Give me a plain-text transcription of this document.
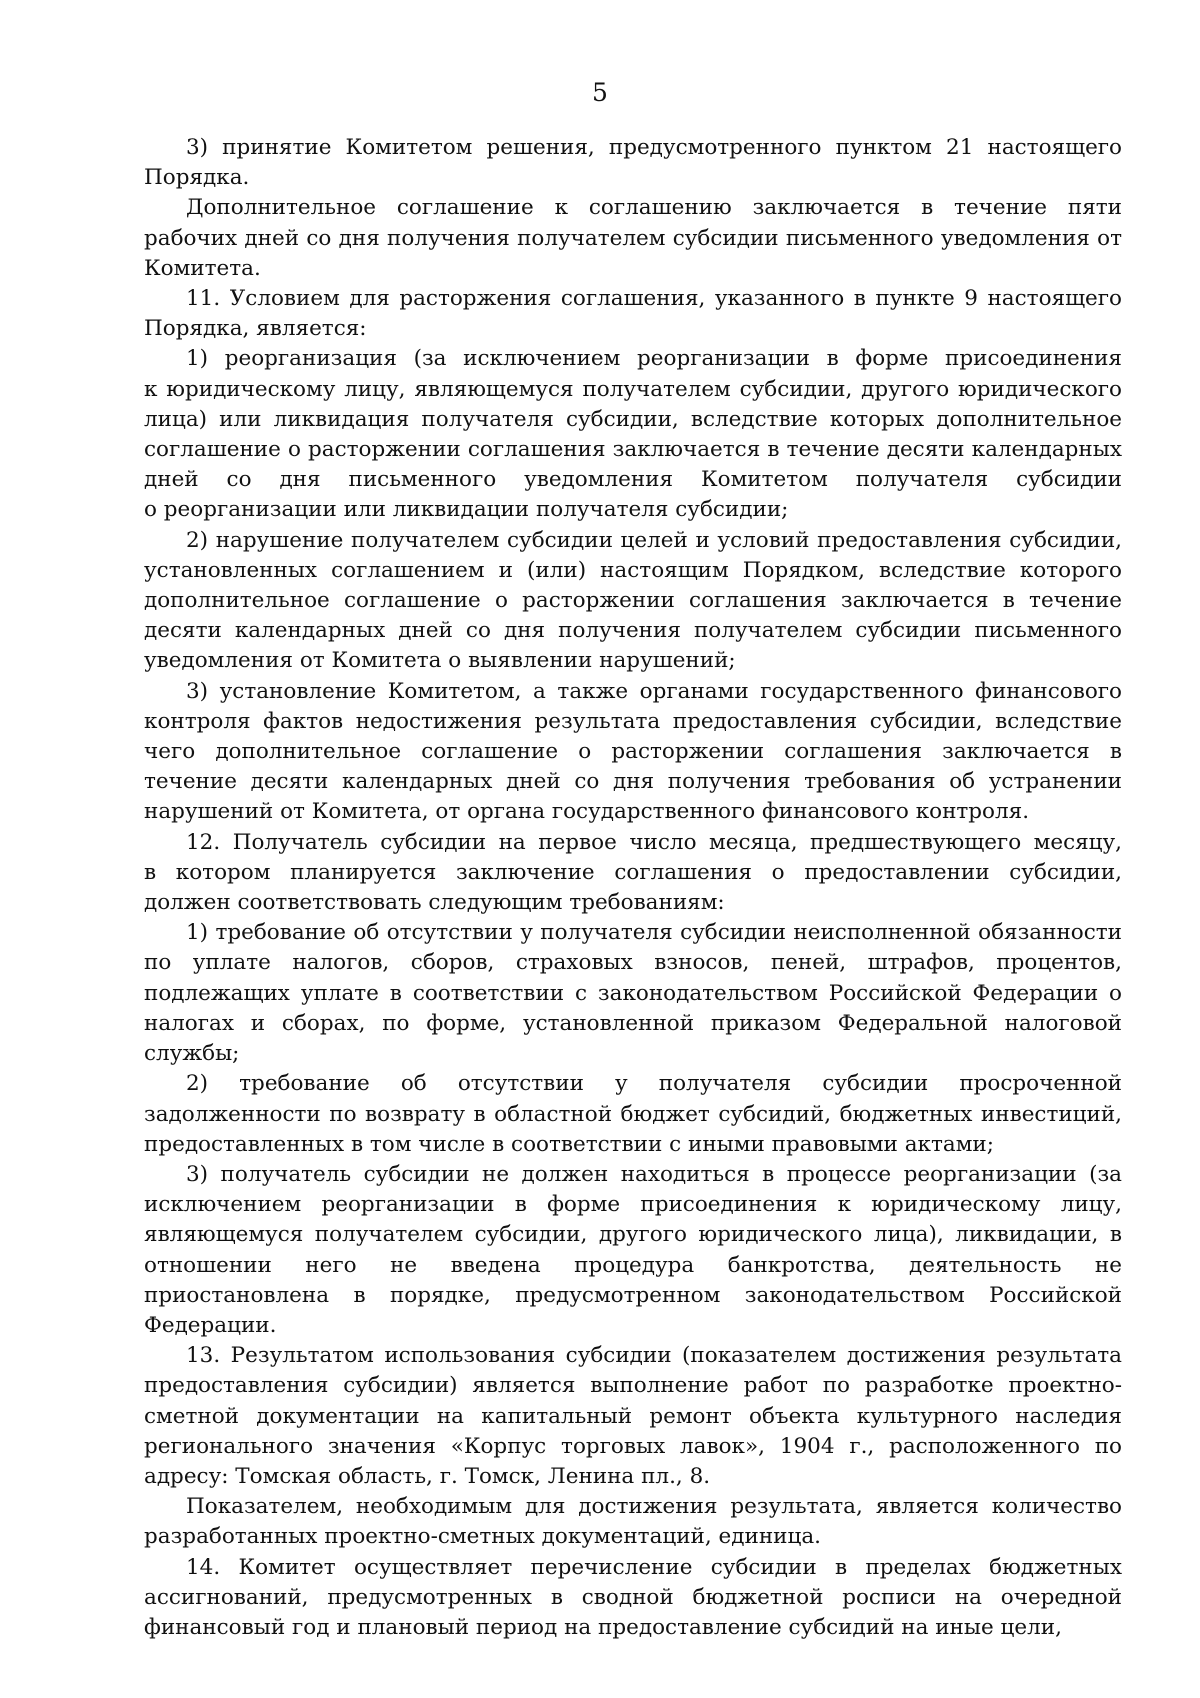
5

3) принятие Комитетом решения, предусмотренного пунктом 21 настоящего Порядка.

Дополнительное соглашение к соглашению заключается в течение пяти рабочих дней со дня получения получателем субсидии письменного уведомления от Комитета.

11. Условием для расторжения соглашения, указанного в пункте 9 настоящего Порядка, является:

1) реорганизация (за исключением реорганизации в форме присоединения к юридическому лицу, являющемуся получателем субсидии, другого юридического лица) или ликвидация получателя субсидии, вследствие которых дополнительное соглашение о расторжении соглашения заключается в течение десяти календарных дней со дня письменного уведомления Комитетом получателя субсидии о реорганизации или ликвидации получателя субсидии;

2) нарушение получателем субсидии целей и условий предоставления субсидии, установленных соглашением и (или) настоящим Порядком, вследствие которого дополнительное соглашение о расторжении соглашения заключается в течение десяти календарных дней со дня получения получателем субсидии письменного уведомления от Комитета о выявлении нарушений;

3) установление Комитетом, а также органами государственного финансового контроля фактов недостижения результата предоставления субсидии, вследствие чего дополнительное соглашение о расторжении соглашения заключается в течение десяти календарных дней со дня получения требования об устранении нарушений от Комитета, от органа государственного финансового контроля.

12. Получатель субсидии на первое число месяца, предшествующего месяцу, в котором планируется заключение соглашения о предоставлении субсидии, должен соответствовать следующим требованиям:

1) требование об отсутствии у получателя субсидии неисполненной обязанности по уплате налогов, сборов, страховых взносов, пеней, штрафов, процентов, подлежащих уплате в соответствии с законодательством Российской Федерации о налогах и сборах, по форме, установленной приказом Федеральной налоговой службы;

2) требование об отсутствии у получателя субсидии просроченной задолженности по возврату в областной бюджет субсидий, бюджетных инвестиций, предоставленных в том числе в соответствии с иными правовыми актами;

3) получатель субсидии не должен находиться в процессе реорганизации (за исключением реорганизации в форме присоединения к юридическому лицу, являющемуся получателем субсидии, другого юридического лица), ликвидации, в отношении него не введена процедура банкротства, деятельность не приостановлена в порядке, предусмотренном законодательством Российской Федерации.

13. Результатом использования субсидии (показателем достижения результата предоставления субсидии) является выполнение работ по разработке проектно-сметной документации на капитальный ремонт объекта культурного наследия регионального значения «Корпус торговых лавок», 1904 г., расположенного по адресу: Томская область, г. Томск, Ленина пл., 8.

Показателем, необходимым для достижения результата, является количество разработанных проектно-сметных документаций, единица.

14. Комитет осуществляет перечисление субсидии в пределах бюджетных ассигнований, предусмотренных в сводной бюджетной росписи на очередной финансовый год и плановый период на предоставление субсидий на иные цели,
